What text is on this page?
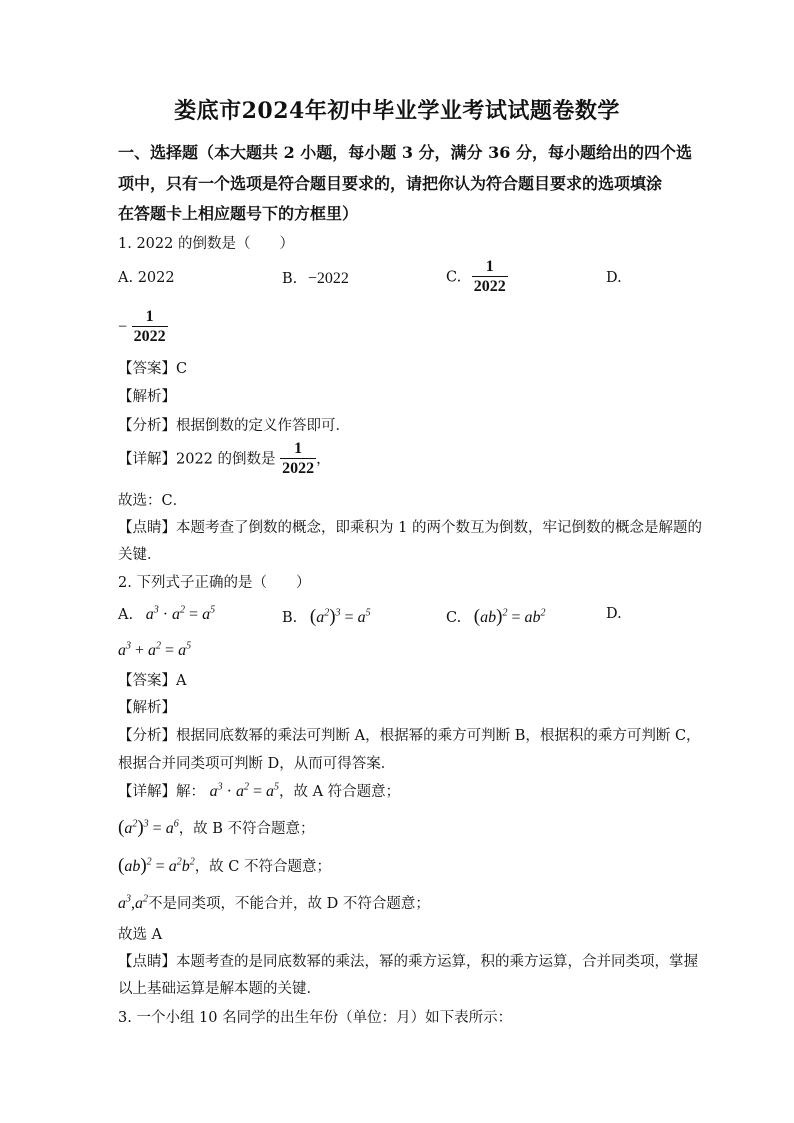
娄底市2024年初中毕业学业考试试题卷数学
一、选择题（本大题共 2 小题，每小题 3 分，满分 36 分，每小题给出的四个选
项中，只有一个选项是符合题目要求的，请把你认为符合题目要求的选项填涂
在答题卡上相应题号下的方框里）
1. 2022 的倒数是（　　）
A. 2022	B. −2022	C. $\frac{1}{2022}$	D.
− $\frac{1}{2022}$
【答案】C
【解析】
【分析】根据倒数的定义作答即可．
【详解】2022 的倒数是 $\frac{1}{2022}$ ，
故选：C．
【点睛】本题考查了倒数的概念，即乘积为 1 的两个数互为倒数，牢记倒数的概念是解题的
关键．
2. 下列式子正确的是（　　）
A. $a^3 \cdot a^2 = a^5$	B. $(a^2)^3 = a^5$	C. $(ab)^2 = ab^2$	D.
$a^3 + a^2 = a^5$
【答案】A
【解析】
【分析】根据同底数幂的乘法可判断 A，根据幂的乘方可判断 B，根据积的乘方可判断 C，
根据合并同类项可判断 D，从而可得答案．
【详解】解： $a^3 \cdot a^2 = a^5$，故 A 符合题意；
$(a^2)^3 = a^6$，故 B 不符合题意；
$(ab)^2 = a^2b^2$，故 C 不符合题意；
$a^3,a^2$不是同类项，不能合并，故 D 不符合题意；
故选 A
【点睛】本题考查的是同底数幂的乘法，幂的乘方运算，积的乘方运算，合并同类项，掌握
以上基础运算是解本题的关键．
3. 一个小组 10 名同学的出生年份（单位：月）如下表所示：
